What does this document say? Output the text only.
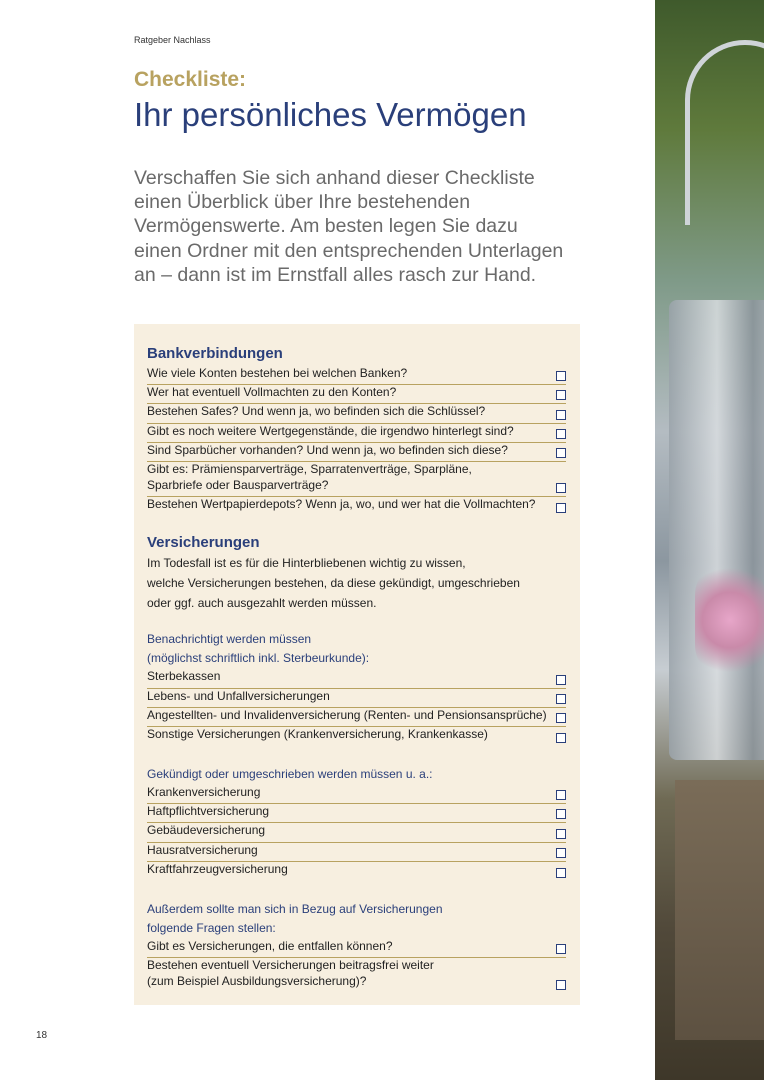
Ratgeber Nachlass
Checkliste:
Ihr persönliches Vermögen
Verschaffen Sie sich anhand dieser Checkliste einen Überblick über Ihre bestehenden Vermögenswerte. Am besten legen Sie dazu einen Ordner mit den entsprechenden Unterlagen an – dann ist im Ernstfall alles rasch zur Hand.
Bankverbindungen
Wie viele Konten bestehen bei welchen Banken?
Wer hat eventuell Vollmachten zu den Konten?
Bestehen Safes? Und wenn ja, wo befinden sich die Schlüssel?
Gibt es noch weitere Wertgegenstände, die irgendwo hinterlegt sind?
Sind Sparbücher vorhanden? Und wenn ja, wo befinden sich diese?
Gibt es: Prämiensparverträge, Sparratenverträge, Sparpläne,
Sparbriefe oder Bausparverträge?
Bestehen Wertpapierdepots? Wenn ja, wo, und wer hat die Vollmachten?
Versicherungen
Im Todesfall ist es für die Hinterbliebenen wichtig zu wissen,
welche Versicherungen bestehen, da diese gekündigt, umgeschrieben
oder ggf. auch ausgezahlt werden müssen.
Benachrichtigt werden müssen
(möglichst schriftlich inkl. Sterbeurkunde):
Sterbekassen
Lebens- und Unfallversicherungen
Angestellten- und Invalidenversicherung (Renten- und Pensionsansprüche)
Sonstige Versicherungen (Krankenversicherung, Krankenkasse)
Gekündigt oder umgeschrieben werden müssen u. a.:
Krankenversicherung
Haftpflichtversicherung
Gebäudeversicherung
Hausratversicherung
Kraftfahrzeugversicherung
Außerdem sollte man sich in Bezug auf Versicherungen
folgende Fragen stellen:
Gibt es Versicherungen, die entfallen können?
Bestehen eventuell Versicherungen beitragsfrei weiter
(zum Beispiel Ausbildungsversicherung)?
18
